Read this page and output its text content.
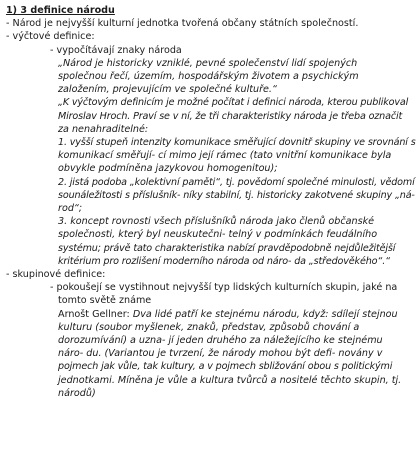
1) 3 definice národu

- Národ je nejvyšší kulturní jednotka tvořená občany státních společností.

- výčtové definice:

- vypočítávají znaky národa

„Národ je historicky vzniklé, pevné společenství lidí spojených

společnou řečí, územím, hospodářským životem a psychickým

založením, projevujícím ve společné kultuře.“

„K výčtovým definicím je možné počítat i definici národa, kterou publikoval

Miroslav Hroch. Praví se v ní, že tři charakteristiky národa je třeba označit

za nenahraditelné:

1. vyšší stupeň intenzity komunikace směřující dovnitř skupiny ve srovnání s

komunikací směřují- cí mimo její rámec (tato vnitřní komunikace byla

obvykle podmíněna jazykovou homogenitou);

2. jistá podoba „kolektivní paměti“, tj. povědomí společné minulosti, vědomí

sounáležitosti s příslušník- níky stabilní, tj. historicky zakotvené skupiny „ná-

rod“;

3. koncept rovnosti všech příslušníků národa jako členů občanské

společnosti, který byl neuskutečni- telný v podmínkách feudálního

systému; právě tato charakteristika nabízí pravděpodobně nejdůležitější

kritérium pro rozlišení moderního národa od náro- da „středověkého“.“

- skupinové definice:

- pokoušejí se vystihnout nejvyšší typ lidských kulturních skupin, jaké na

tomto světě známe

Arnošt Gellner: Dva lidé patří ke stejnému národu, když: sdílejí stejnou

kulturu (soubor myšlenek, znaků, představ, způsobů chování a

dorozumívání) a uzna- jí jeden druhého za náležejícího ke stejnému

náro- du. (Variantou je tvrzení, že národy mohou být defi- novány v

pojmech jak vůle, tak kultury, a v pojmech sbližování obou s politickými

jednotkami. Míněna je vůle a kultura tvůrců a nositelé těchto skupin, tj.

národů)
